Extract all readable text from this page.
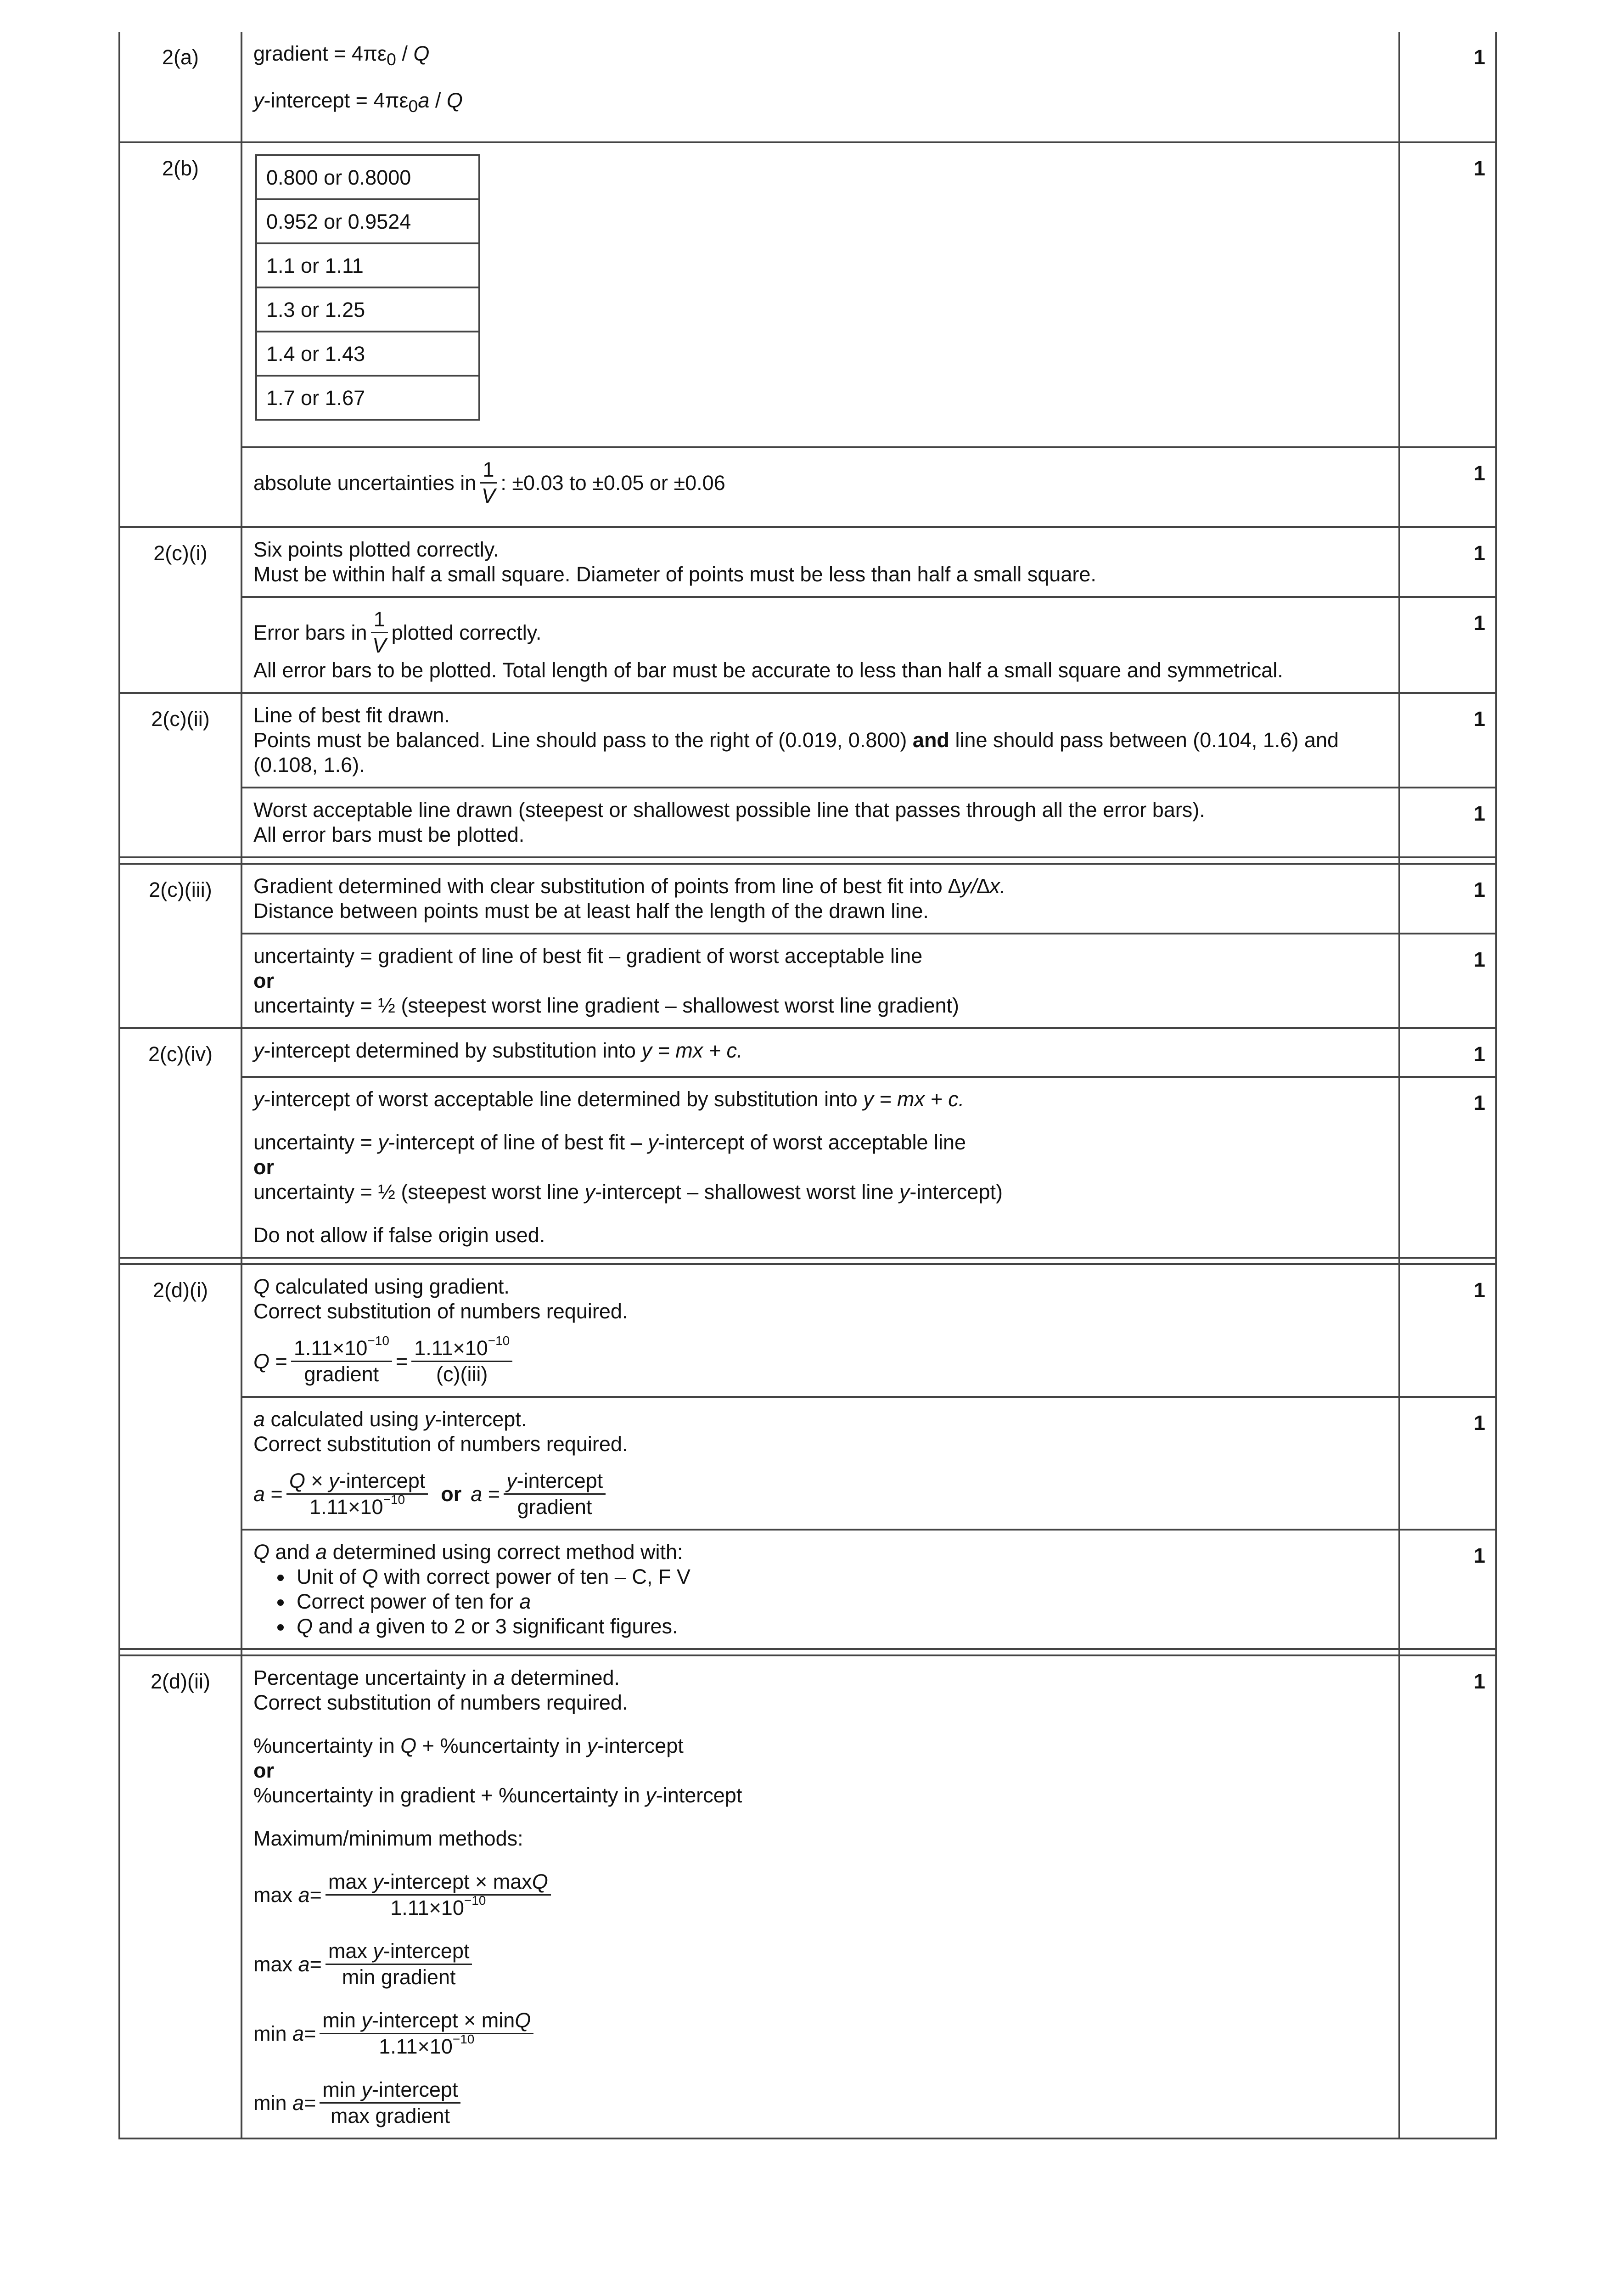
2(a)	gradient = $4\pi\varepsilon_0$ / Q
y-intercept = $4\pi\varepsilon_0a$ / Q
	1
2(b)		0.800 or 0.8000
0.952 or 0.9524
1.1 or 1.11
1.3 or 1.25
1.4 or 1.43
1.7 or 1.67
	1

absolute uncertainties in $\frac{1}{V}$ : ±0.03 to ±0.05 or ±0.06	1
2(c)(i)	Six points plotted correctly.
Must be within half a small square. Diameter of points must be less than half a small square.
	1

Error bars in $\frac{1}{V}$ plotted correctly.
All error bars to be plotted. Total length of bar must be accurate to less than half a small square and symmetrical.
	1
2(c)(ii)	Line of best fit drawn.
Points must be balanced. Line should pass to the right of (0.019, 0.800) and line should pass between (0.104, 1.6) and (0.108, 1.6).
	1

Worst acceptable line drawn (steepest or shallowest possible line that passes through all the error bars).
All error bars must be plotted.
	1

2(c)(iii)	Gradient determined with clear substitution of points from line of best fit into ∆y/∆x.
Distance between points must be at least half the length of the drawn line.
	1

uncertainty = gradient of line of best fit – gradient of worst acceptable line
or
uncertainty = ½ (steepest worst line gradient – shallowest worst line gradient)
	1
2(c)(iv)	y-intercept determined by substitution into y = mx + c.	1

y-intercept of worst acceptable line determined by substitution into y = mx + c.
uncertainty = y-intercept of line of best fit – y-intercept of worst acceptable line
or
uncertainty = ½ (steepest worst line y-intercept – shallowest worst line y-intercept)
Do not allow if false origin used.
	1

2(d)(i)	Q calculated using gradient.
Correct substitution of numbers required.
$Q = \frac{1.11\times 10^{-10}}{\text{gradient}} = \frac{1.11\times 10^{-10}}{\text{(c)(iii)}}$
	1

a calculated using y-intercept.
Correct substitution of numbers required.
$a = \frac{\text{Q × y-intercept}}{1.11\times 10^{-10}}$ or $a = \frac{\text{y-intercept}}{\text{gradient}}$
	1

Q and a determined using correct method with:
• Unit of Q with correct power of ten – C, F V
• Correct power of ten for a
• Q and a given to 2 or 3 significant figures.
	1

2(d)(ii)	Percentage uncertainty in a determined.
Correct substitution of numbers required.
%uncertainty in Q + %uncertainty in y-intercept
or
%uncertainty in gradient + %uncertainty in y-intercept
Maximum/minimum methods:
max
$a = \frac{\text{max y-intercept × maxQ}}{1.11\times 10^{-10}}$
max
$a = \frac{\text{max y-intercept}}{\text{min gradient}}$
min
$a = \frac{\text{min y-intercept × minQ}}{1.11\times 10^{-10}}$
min
$a = \frac{\text{min y-intercept}}{\text{max gradient}}$
	1
